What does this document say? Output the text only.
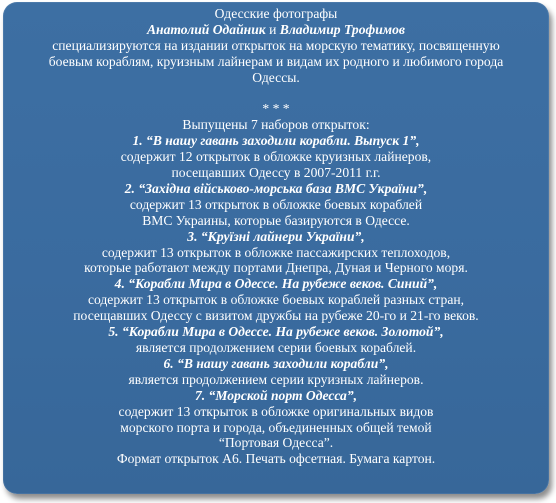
Одесские фотографы
Анатолий Одайник и Владимир Трофимов
специализируются на издании открыток на морскую тематику, посвященную
боевым кораблям, круизным лайнерам и видам их родного и любимого города
Одессы.
* * *
Выпущены 7 наборов открыток:
1. “В нашу гавань заходили корабли. Выпуск 1”,
содержит 12 открыток в обложке круизных лайнеров,
посещавших Одессу в 2007-2011 г.г.
2. “Західна військово-морська база ВМС України”,
содержит 13 открыток в обложке боевых кораблей
ВМС Украины, которые базируются в Одессе.
3. “Круїзні лайнери України”,
содержит 13 открыток в обложке пассажирских теплоходов,
которые работают между портами Днепра, Дуная и Черного моря.
4. “Корабли Мира в Одессе. На рубеже веков. Синий”,
содержит 13 открыток в обложке боевых кораблей разных стран,
посещавших Одессу с визитом дружбы на рубеже 20-го и 21-го веков.
5. “Корабли Мира в Одессе. На рубеже веков. Золотой”,
является продолжением серии боевых кораблей.
6. “В нашу гавань заходили корабли”,
является продолжением серии круизных лайнеров.
7. “Морской порт Одесса”,
содержит 13 открыток в обложке оригинальных видов
морского порта и города, объединенных общей темой
“Портовая Одесса”.
Формат открыток А6. Печать офсетная. Бумага картон.
